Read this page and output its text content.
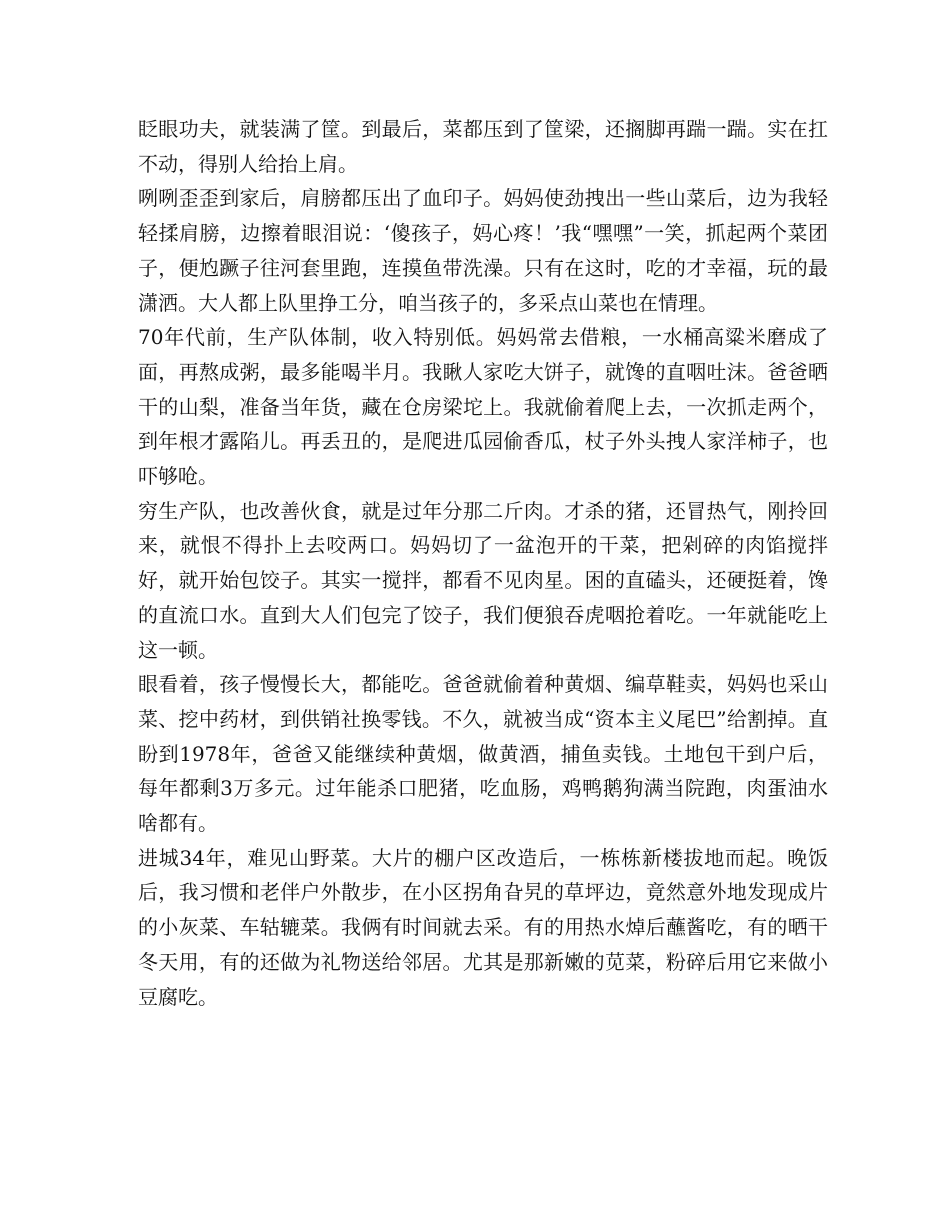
眨眼功夫，就装满了筐。到最后，菜都压到了筐梁，还搁脚再踹一踹。实在扛不动，得别人给抬上肩。

咧咧歪歪到家后，肩膀都压出了血印子。妈妈使劲拽出一些山菜后，边为我轻轻揉肩膀，边擦着眼泪说：‘傻孩子，妈心疼！’我“嘿嘿”一笑，抓起两个菜团子，便尥蹶子往河套里跑，连摸鱼带洗澡。只有在这时，吃的才幸福，玩的最潇洒。大人都上队里挣工分，咱当孩子的，多采点山菜也在情理。

70年代前，生产队体制，收入特别低。妈妈常去借粮，一水桶高粱米磨成了面，再熬成粥，最多能喝半月。我瞅人家吃大饼子，就馋的直咽吐沫。爸爸晒干的山梨，准备当年货，藏在仓房梁坨上。我就偷着爬上去，一次抓走两个，到年根才露陷儿。再丢丑的，是爬进瓜园偷香瓜，杖子外头拽人家洋柿子，也吓够呛。

穷生产队，也改善伙食，就是过年分那二斤肉。才杀的猪，还冒热气，刚拎回来，就恨不得扑上去咬两口。妈妈切了一盆泡开的干菜，把剁碎的肉馅搅拌好，就开始包饺子。其实一搅拌，都看不见肉星。困的直磕头，还硬挺着，馋的直流口水。直到大人们包完了饺子，我们便狼吞虎咽抢着吃。一年就能吃上这一顿。

眼看着，孩子慢慢长大，都能吃。爸爸就偷着种黄烟、编草鞋卖，妈妈也采山菜、挖中药材，到供销社换零钱。不久，就被当成“资本主义尾巴”给割掉。直盼到1978年，爸爸又能继续种黄烟，做黄酒，捕鱼卖钱。土地包干到户后，每年都剩3万多元。过年能杀口肥猪，吃血肠，鸡鸭鹅狗满当院跑，肉蛋油水啥都有。

进城34年，难见山野菜。大片的棚户区改造后，一栋栋新楼拔地而起。晚饭后，我习惯和老伴户外散步，在小区拐角旮旯的草坪边，竟然意外地发现成片的小灰菜、车轱辘菜。我俩有时间就去采。有的用热水焯后蘸酱吃，有的晒干冬天用，有的还做为礼物送给邻居。尤其是那新嫩的苋菜，粉碎后用它来做小豆腐吃。
